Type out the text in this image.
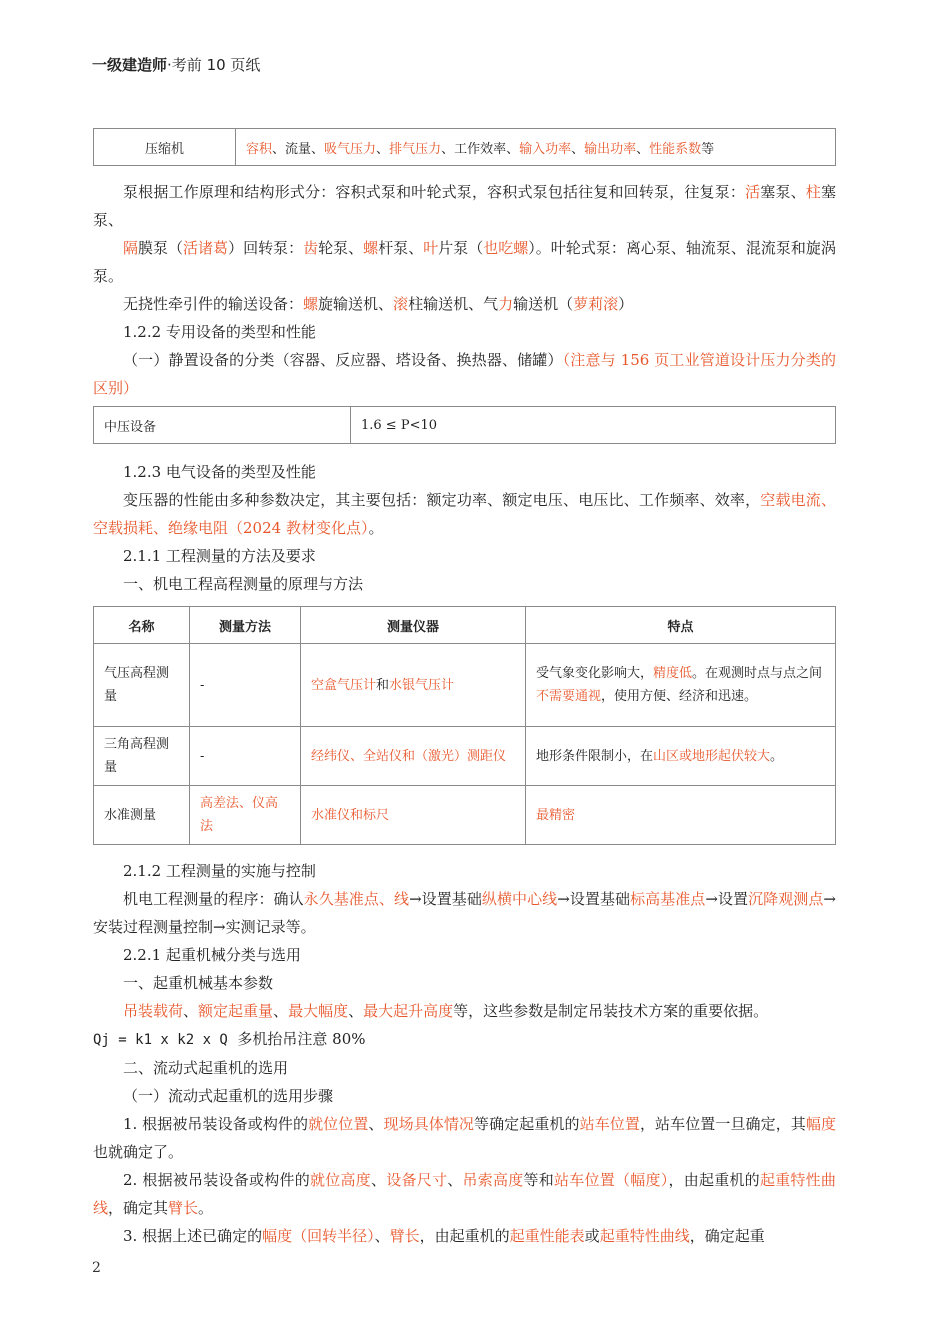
一级建造师·考前 10 页纸
压缩机	容积、流量、吸气压力、排气压力、工作效率、输入功率、输出功率、性能系数等

泵根据工作原理和结构形式分：容积式泵和叶轮式泵，容积式泵包括往复和回转泵，往复泵：活塞泵、柱塞泵、

隔膜泵（活诸葛）回转泵：齿轮泵、螺杆泵、叶片泵（也吃螺）。叶轮式泵：离心泵、轴流泵、混流泵和旋涡泵。

无挠性牵引件的输送设备：螺旋输送机、滚柱输送机、气力输送机（萝莉滚）

1.2.2 专用设备的类型和性能

（一）静置设备的分类（容器、反应器、塔设备、换热器、储罐）（注意与 156 页工业管道设计压力分类的区别）

中压设备	1.6 ≤ P<10

1.2.3 电气设备的类型及性能

变压器的性能由多种参数决定，其主要包括：额定功率、额定电压、电压比、工作频率、效率，空载电流、空载损耗、绝缘电阻（2024 教材变化点）。

2.1.1 工程测量的方法及要求

一、机电工程高程测量的原理与方法

名称	测量方法	测量仪器	特点
气压高程测量	-	空盒气压计和水银气压计	受气象变化影响大，精度低。在观测时点与点之间不需要通视，使用方便、经济和迅速。
三角高程测量	-	经纬仪、全站仪和（激光）测距仪	地形条件限制小，在山区或地形起伏较大。
水准测量	高差法、仪高法	水准仪和标尺	最精密

2.1.2 工程测量的实施与控制

机电工程测量的程序：确认永久基准点、线→设置基础纵横中心线→设置基础标高基准点→设置沉降观测点→安装过程测量控制→实测记录等。

2.2.1 起重机械分类与选用

一、起重机械基本参数

吊装载荷、额定起重量、最大幅度、最大起升高度等，这些参数是制定吊装技术方案的重要依据。

Qj = k1 x k2 x Q  多机抬吊注意 80%

二、流动式起重机的选用

（一）流动式起重机的选用步骤

1. 根据被吊装设备或构件的就位位置、现场具体情况等确定起重机的站车位置，站车位置一旦确定，其幅度也就确定了。

2. 根据被吊装设备或构件的就位高度、设备尺寸、吊索高度等和站车位置（幅度），由起重机的起重特性曲线，确定其臂长。

3. 根据上述已确定的幅度（回转半径）、臂长，由起重机的起重性能表或起重特性曲线，确定起重

2
